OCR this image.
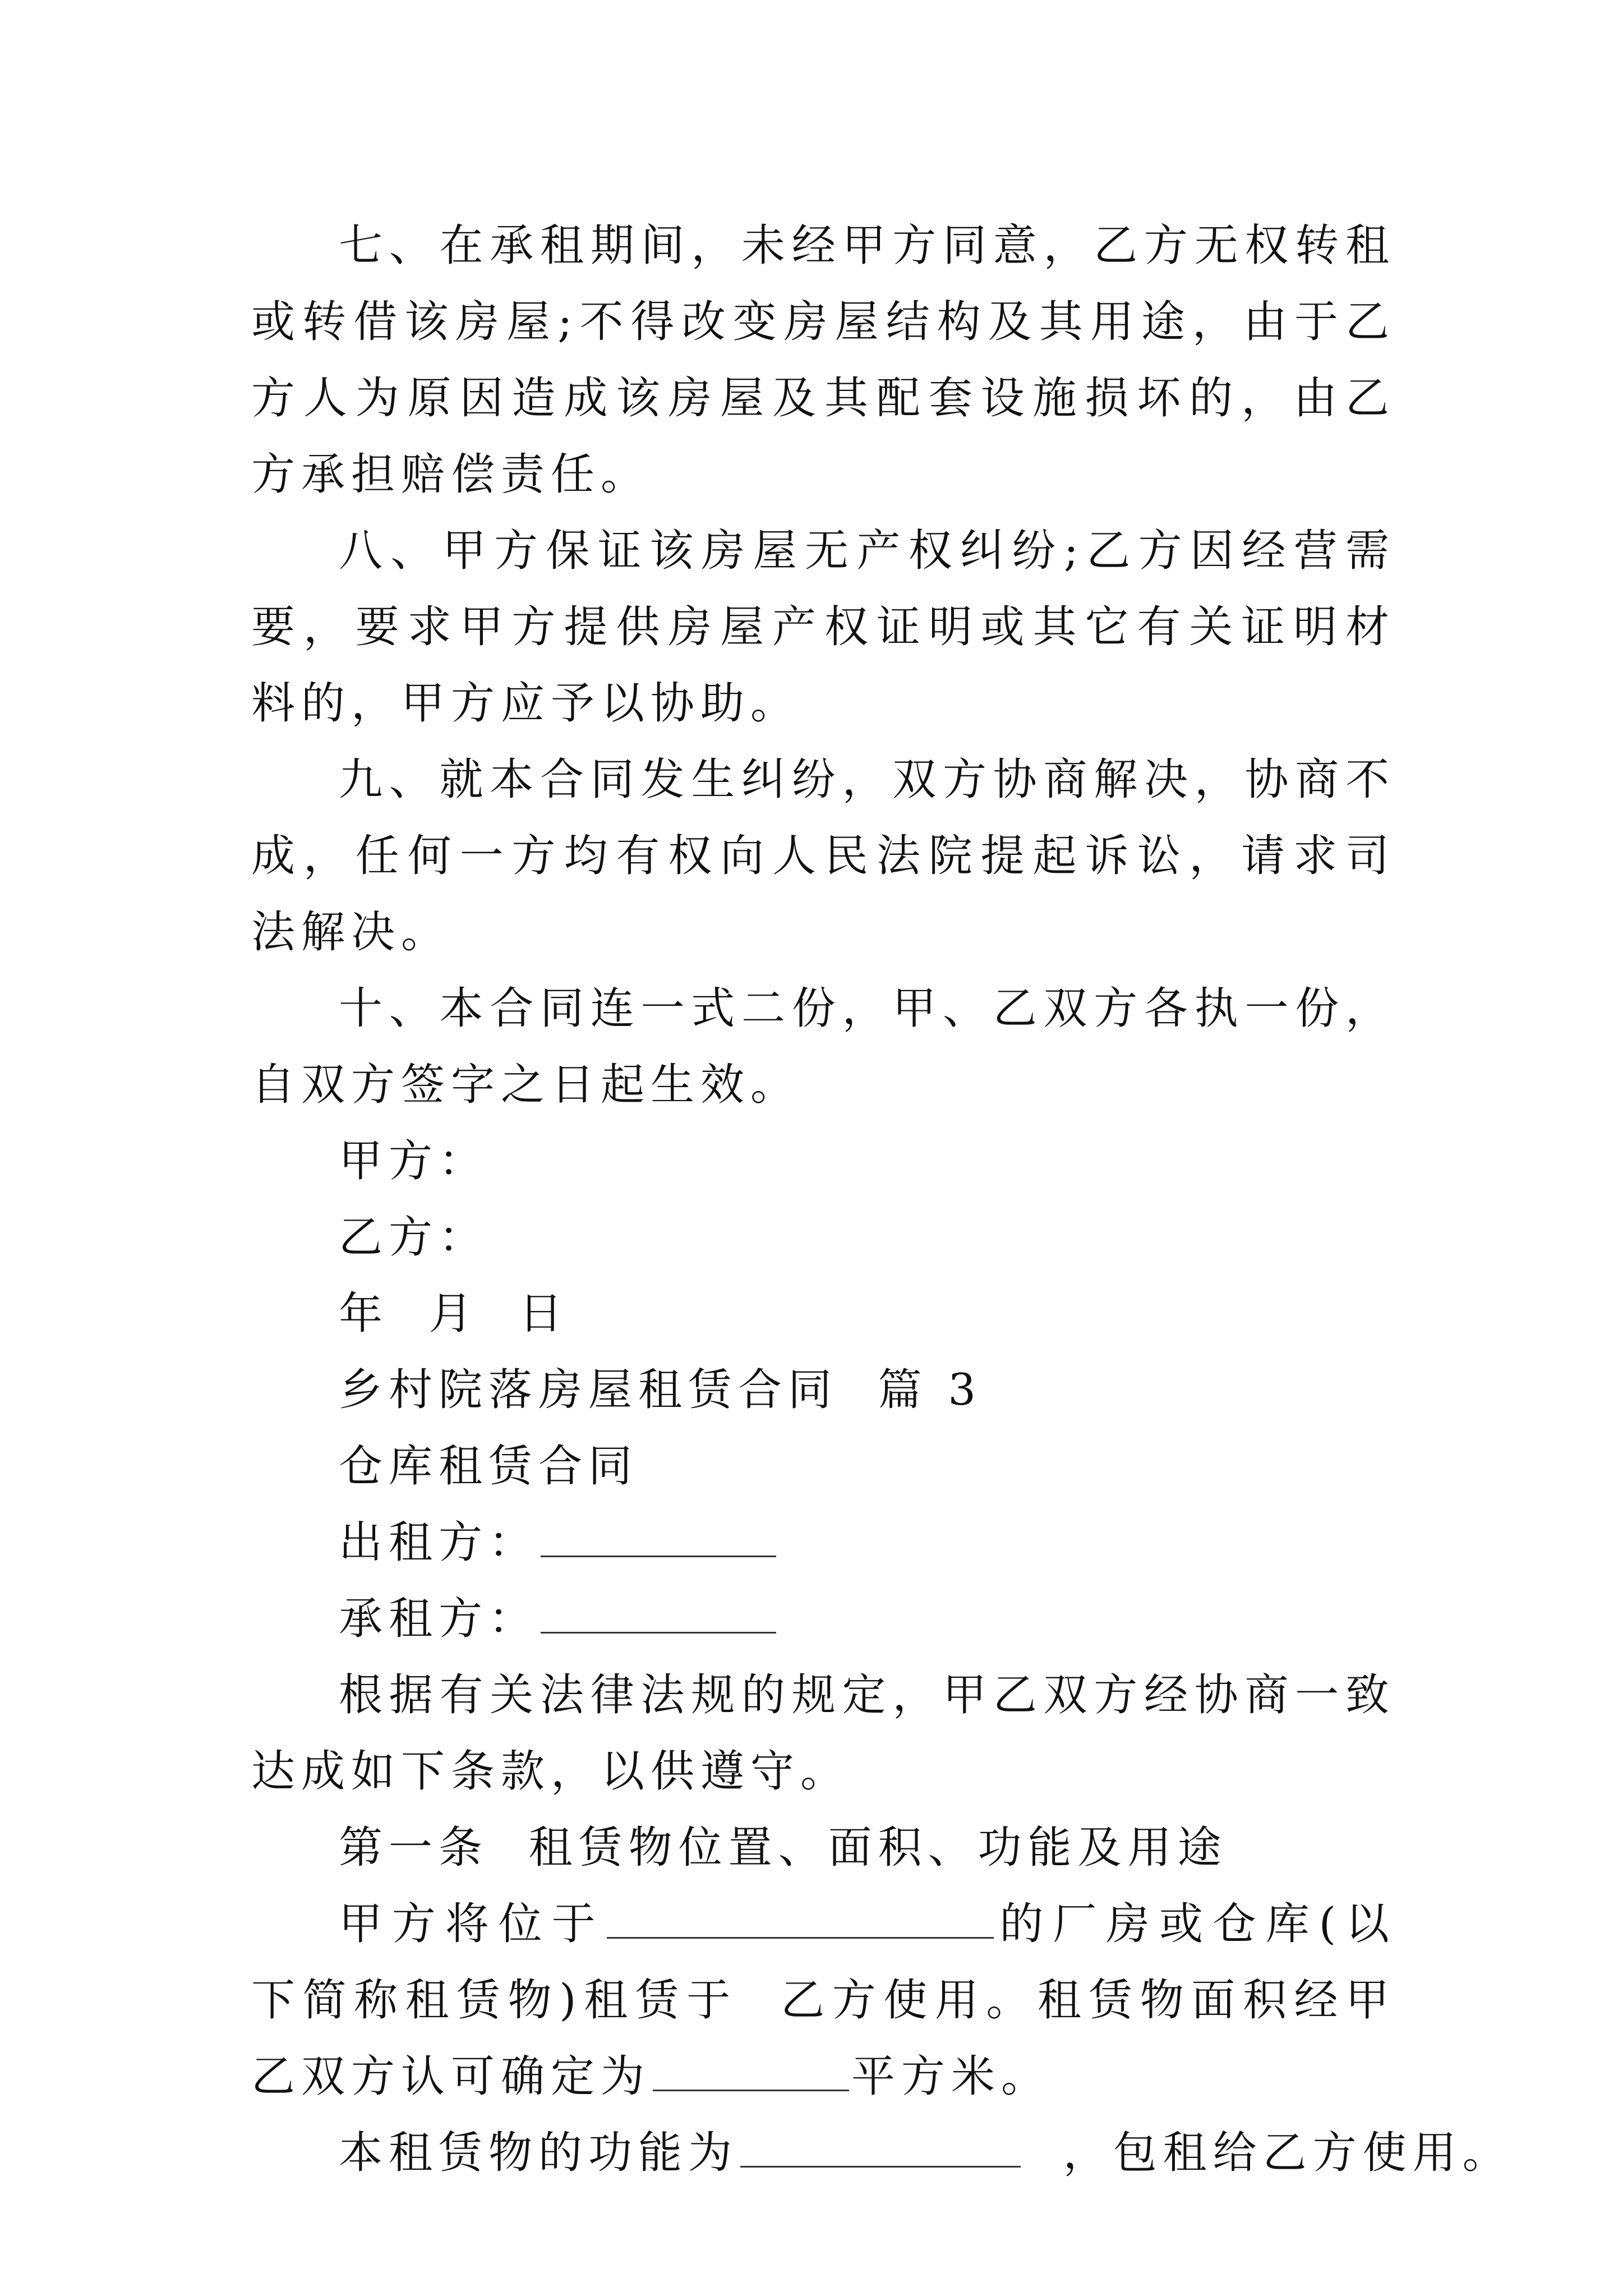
七、在承租期间，未经甲方同意，乙方无权转租或转借该房屋;不得改变房屋结构及其用途，由于乙方人为原因造成该房屋及其配套设施损坏的，由乙方承担赔偿责任。

八、甲方保证该房屋无产权纠纷;乙方因经营需要，要求甲方提供房屋产权证明或其它有关证明材料的，甲方应予以协助。

九、就本合同发生纠纷，双方协商解决，协商不成，任何一方均有权向人民法院提起诉讼，请求司法解决。

十、本合同连一式二份，甲、乙双方各执一份，自双方签字之日起生效。

甲方：

乙方：

年  月  日

乡村院落房屋租赁合同  篇 3

仓库租赁合同

出租方：

承租方：

根据有关法律法规的规定，甲乙双方经协商一致达成如下条款，以供遵守。

第一条  租赁物位置、面积、功能及用途

甲方将位于	的厂房或仓库(以下简称租赁物)租赁于  乙方使用。租赁物面积经甲乙双方认可确定为	平方米。

本租赁物的功能为	，包租给乙方使用。
